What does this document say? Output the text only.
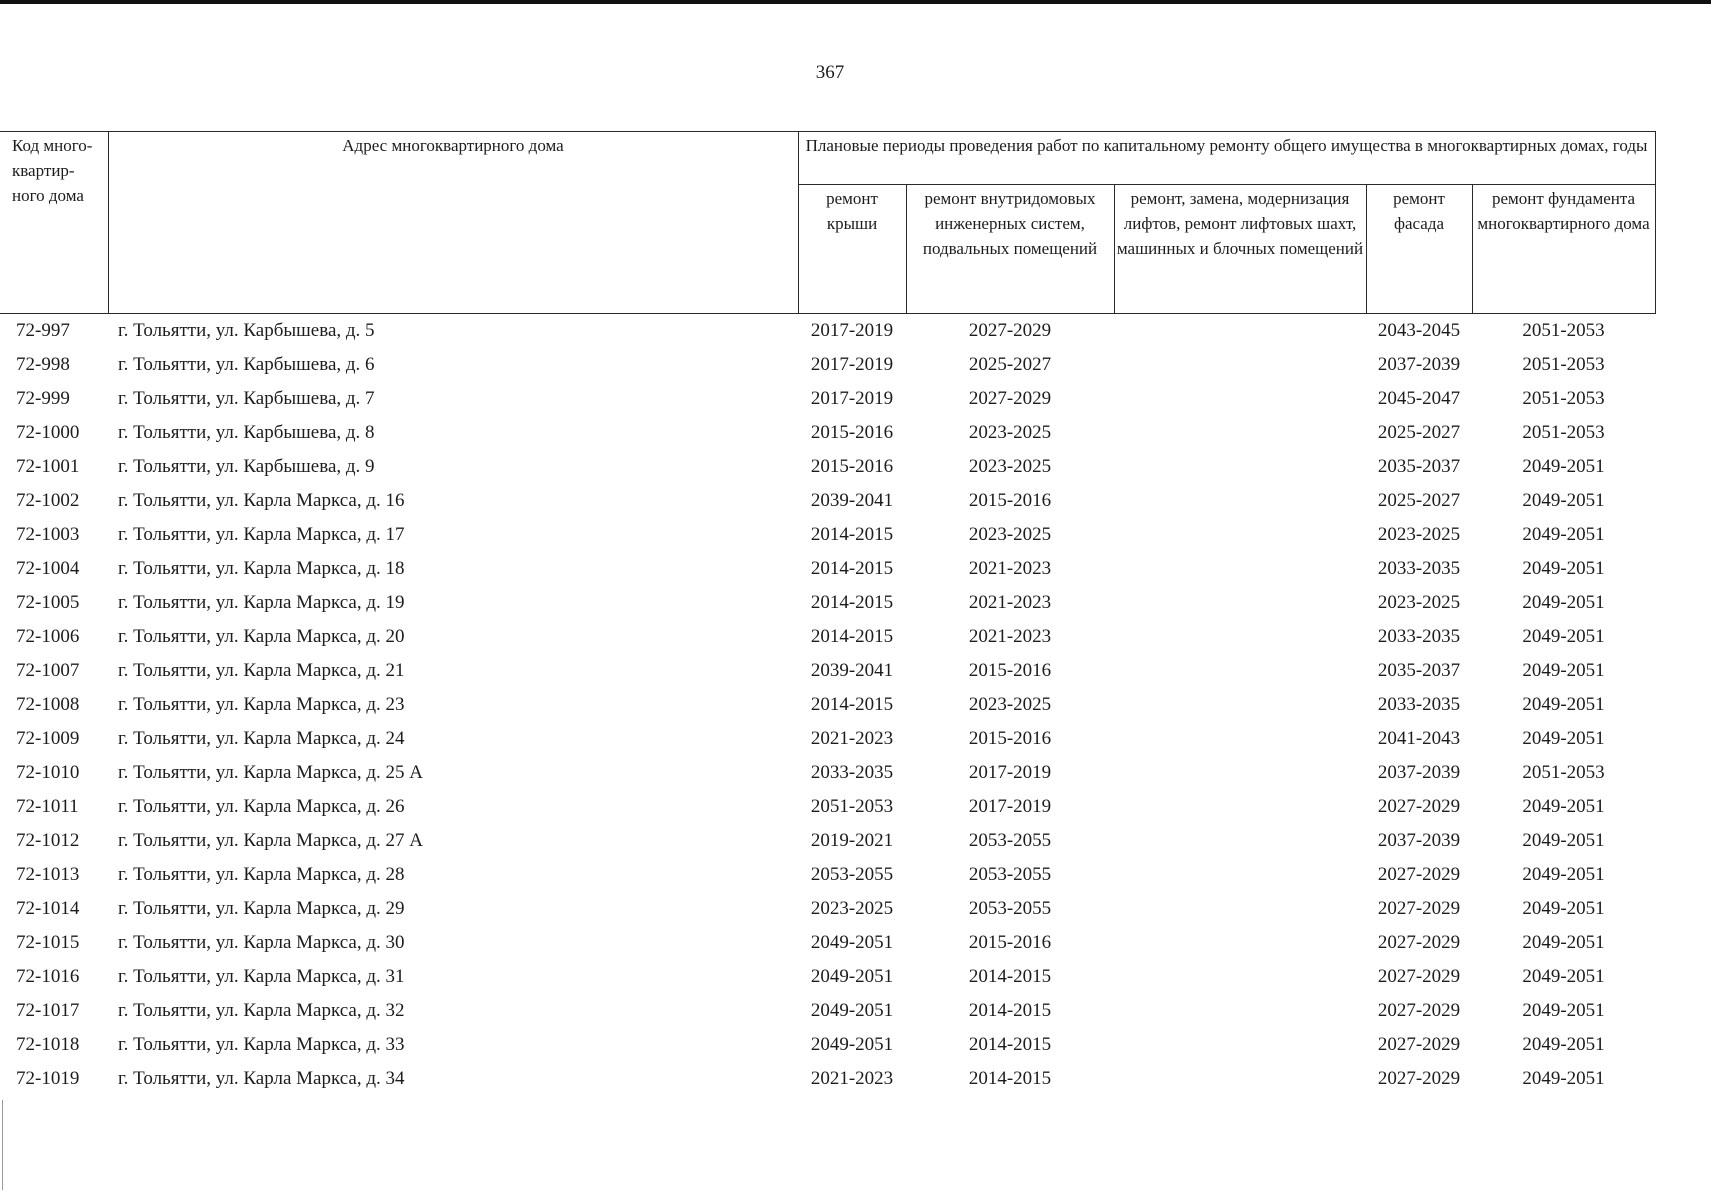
367
Код много-квартир-ного дома	Адрес многоквартирного дома	Плановые периоды проведения работ по капитальному ремонту общего имущества в многоквартирных домах, годы				
		ремонт крыши	ремонт внутридомовых инженерных систем, подвальных помещений	ремонт, замена, модернизация лифтов, ремонт лифтовых шахт, машинных и блочных помещений	ремонт фасада	ремонт фундамента многоквартирного дома
72-997	г. Тольятти, ул. Карбышева, д. 5	2017-2019	2027-2029		2043-2045	2051-2053
72-998	г. Тольятти, ул. Карбышева, д. 6	2017-2019	2025-2027		2037-2039	2051-2053
72-999	г. Тольятти, ул. Карбышева, д. 7	2017-2019	2027-2029		2045-2047	2051-2053
72-1000	г. Тольятти, ул. Карбышева, д. 8	2015-2016	2023-2025		2025-2027	2051-2053
72-1001	г. Тольятти, ул. Карбышева, д. 9	2015-2016	2023-2025		2035-2037	2049-2051
72-1002	г. Тольятти, ул. Карла Маркса, д. 16	2039-2041	2015-2016		2025-2027	2049-2051
72-1003	г. Тольятти, ул. Карла Маркса, д. 17	2014-2015	2023-2025		2023-2025	2049-2051
72-1004	г. Тольятти, ул. Карла Маркса, д. 18	2014-2015	2021-2023		2033-2035	2049-2051
72-1005	г. Тольятти, ул. Карла Маркса, д. 19	2014-2015	2021-2023		2023-2025	2049-2051
72-1006	г. Тольятти, ул. Карла Маркса, д. 20	2014-2015	2021-2023		2033-2035	2049-2051
72-1007	г. Тольятти, ул. Карла Маркса, д. 21	2039-2041	2015-2016		2035-2037	2049-2051
72-1008	г. Тольятти, ул. Карла Маркса, д. 23	2014-2015	2023-2025		2033-2035	2049-2051
72-1009	г. Тольятти, ул. Карла Маркса, д. 24	2021-2023	2015-2016		2041-2043	2049-2051
72-1010	г. Тольятти, ул. Карла Маркса, д. 25 А	2033-2035	2017-2019		2037-2039	2051-2053
72-1011	г. Тольятти, ул. Карла Маркса, д. 26	2051-2053	2017-2019		2027-2029	2049-2051
72-1012	г. Тольятти, ул. Карла Маркса, д. 27 А	2019-2021	2053-2055		2037-2039	2049-2051
72-1013	г. Тольятти, ул. Карла Маркса, д. 28	2053-2055	2053-2055		2027-2029	2049-2051
72-1014	г. Тольятти, ул. Карла Маркса, д. 29	2023-2025	2053-2055		2027-2029	2049-2051
72-1015	г. Тольятти, ул. Карла Маркса, д. 30	2049-2051	2015-2016		2027-2029	2049-2051
72-1016	г. Тольятти, ул. Карла Маркса, д. 31	2049-2051	2014-2015		2027-2029	2049-2051
72-1017	г. Тольятти, ул. Карла Маркса, д. 32	2049-2051	2014-2015		2027-2029	2049-2051
72-1018	г. Тольятти, ул. Карла Маркса, д. 33	2049-2051	2014-2015		2027-2029	2049-2051
72-1019	г. Тольятти, ул. Карла Маркса, д. 34	2021-2023	2014-2015		2027-2029	2049-2051
